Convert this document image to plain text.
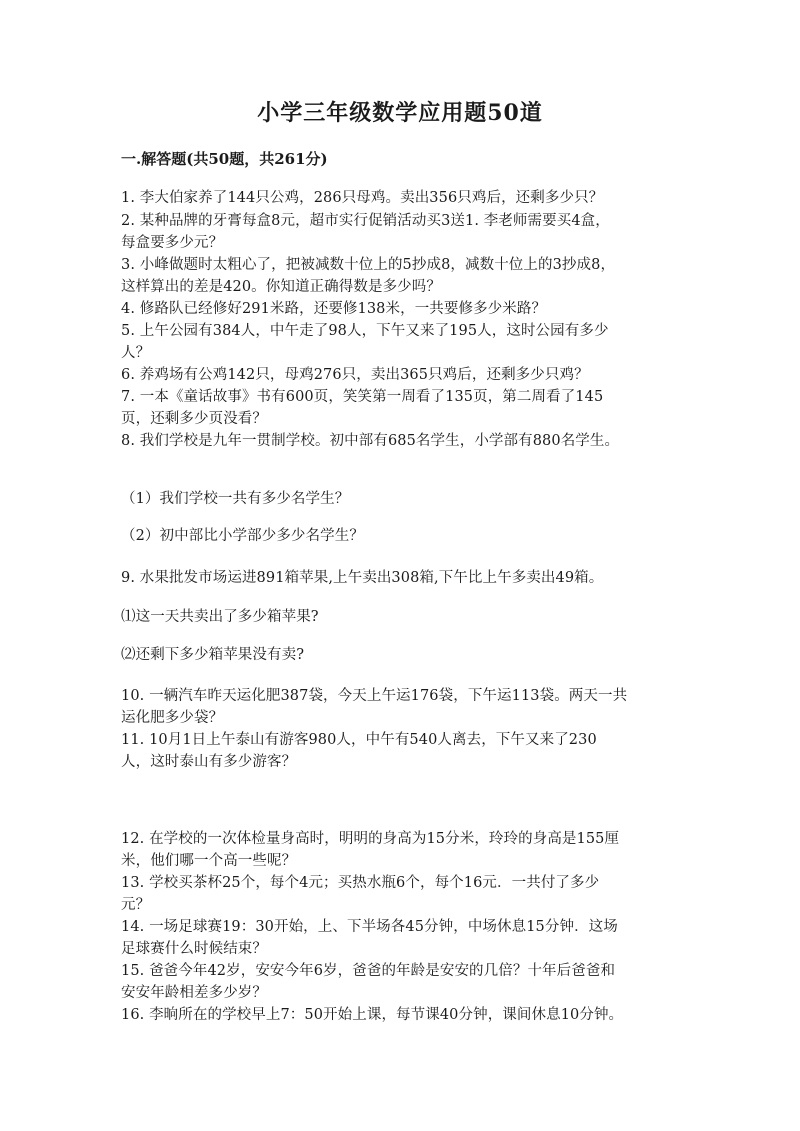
小学三年级数学应用题50道
一.解答题(共50题，共261分)
1. 李大伯家养了144只公鸡，286只母鸡。卖出356只鸡后，还剩多少只？
2. 某种品牌的牙膏每盒8元，超市实行促销活动买3送1. 李老师需要买4盒，
每盒要多少元？
3. 小峰做题时太粗心了，把被减数十位上的5抄成8，减数十位上的3抄成8，
这样算出的差是420。你知道正确得数是多少吗？
4. 修路队已经修好291米路，还要修138米，一共要修多少米路？
5. 上午公园有384人，中午走了98人，下午又来了195人，这时公园有多少
人？
6. 养鸡场有公鸡142只，母鸡276只，卖出365只鸡后，还剩多少只鸡？
7. 一本《童话故事》书有600页，笑笑第一周看了135页，第二周看了145
页，还剩多少页没看？
8. 我们学校是九年一贯制学校。初中部有685名学生，小学部有880名学生。
（1）我们学校一共有多少名学生？
（2）初中部比小学部少多少名学生？
9. 水果批发市场运进891箱苹果,上午卖出308箱,下午比上午多卖出49箱。
⑴这一天共卖出了多少箱苹果?
⑵还剩下多少箱苹果没有卖?
10. 一辆汽车昨天运化肥387袋，今天上午运176袋，下午运113袋。两天一共
运化肥多少袋？
11. 10月1日上午泰山有游客980人，中午有540人离去，下午又来了230
人，这时泰山有多少游客？
12. 在学校的一次体检量身高时，明明的身高为15分米，玲玲的身高是155厘
米，他们哪一个高一些呢？
13. 学校买茶杯25个，每个4元；买热水瓶6个，每个16元．一共付了多少
元？
14. 一场足球赛19：30开始，上、下半场各45分钟，中场休息15分钟．这场
足球赛什么时候结束？
15. 爸爸今年42岁，安安今年6岁，爸爸的年龄是安安的几倍？十年后爸爸和
安安年龄相差多少岁？
16. 李晌所在的学校早上7：50开始上课，每节课40分钟，课间休息10分钟。
